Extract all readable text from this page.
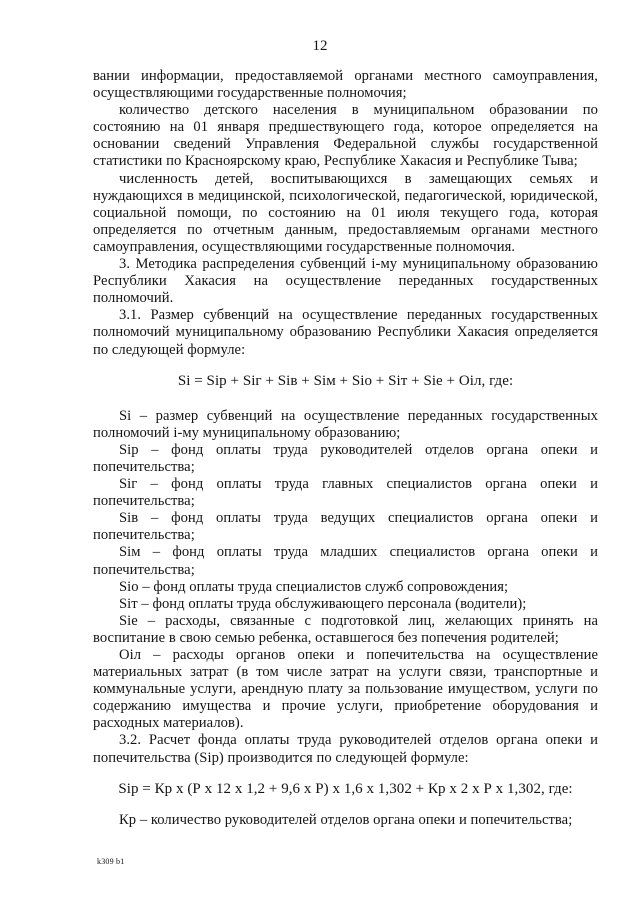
12

вании информации, предоставляемой органами местного самоуправления, осуществляющими государственные полномочия;

количество детского населения в муниципальном образовании по состоянию на 01 января предшествующего года, которое определяется на основании сведений Управления Федеральной службы государственной статистики по Красноярскому краю, Республике Хакасия и Республике Тыва;

численность детей, воспитывающихся в замещающих семьях и нуждающихся в медицинской, психологической, педагогической, юридической, социальной помощи, по состоянию на 01 июля текущего года, которая определяется по отчетным данным, предоставляемым органами местного самоуправления, осуществляющими государственные полномочия.

3. Методика распределения субвенций i-му муниципальному образованию Республики Хакасия на осуществление переданных государственных полномочий.

3.1. Размер субвенций на осуществление переданных государственных полномочий муниципальному образованию Республики Хакасия определяется по следующей формуле:

Si = Sip + Siг + Siв + Siм + Sio + Siт + Siе + Оiл, где:

Si – размер субвенций на осуществление переданных государственных полномочий i-му муниципальному образованию;

Sip – фонд оплаты труда руководителей отделов органа опеки и попечительства;

Siг – фонд оплаты труда главных специалистов органа опеки и попечительства;

Siв – фонд оплаты труда ведущих специалистов органа опеки и попечительства;

Siм – фонд оплаты труда младших специалистов органа опеки и попечительства;

Sio – фонд оплаты труда специалистов служб сопровождения;

Siт – фонд оплаты труда обслуживающего персонала (водители);

Siе – расходы, связанные с подготовкой лиц, желающих принять на воспитание в свою семью ребенка, оставшегося без попечения родителей;

Оiл – расходы органов опеки и попечительства на осуществление материальных затрат (в том числе затрат на услуги связи, транспортные и коммунальные услуги, арендную плату за пользование имуществом, услуги по содержанию имущества и прочие услуги, приобретение оборудования и расходных материалов).

3.2. Расчет фонда оплаты труда руководителей отделов органа опеки и попечительства (Sip) производится по следующей формуле:

Sip = Кр x (Р x 12 x 1,2 + 9,6 x Р) x 1,6 x 1,302 + Кр x 2 x Р x 1,302, где:

Кр – количество руководителей отделов органа опеки и попечительства;

k309 b1
